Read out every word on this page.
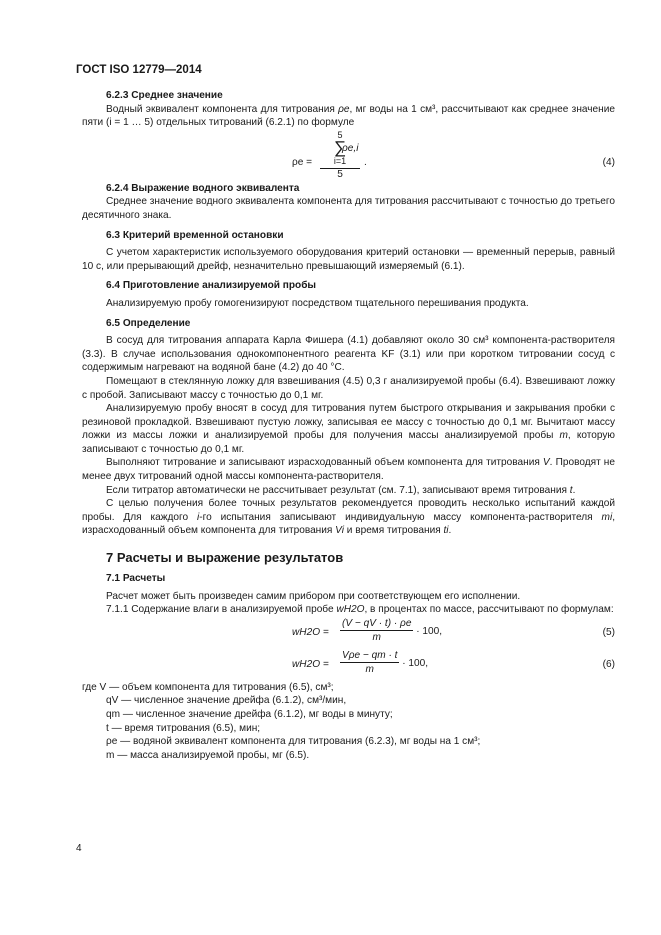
ГОСТ ISO 12779—2014
6.2.3 Среднее значение

Водный эквивалент компонента для титрования ρe, мг воды на 1 см³, рассчитывают как среднее значение пяти (i = 1 … 5) отдельных титрований (6.2.1) по формуле

ρe =
5
∑
i=1
5
ρe,i
.	(4)
6.2.4 Выражение водного эквивалента

Среднее значение водного эквивалента компонента для титрования рассчитывают с точностью до третьего десятичного знака.

6.3 Критерий временной остановки

С учетом характеристик используемого оборудования критерий остановки — временный перерыв, равный 10 с, или прерывающий дрейф, незначительно превышающий измеряемый (6.1).

6.4 Приготовление анализируемой пробы

Анализируемую пробу гомогенизируют посредством тщательного перешивания продукта.

6.5 Определение

В сосуд для титрования аппарата Карла Фишера (4.1) добавляют около 30 см³ компонента-растворителя (3.3). В случае использования однокомпонентного реагента KF (3.1) или при коротком титровании сосуд с содержимым нагревают на водяной бане (4.2) до 40 °С.

Помещают в стеклянную ложку для взвешивания (4.5) 0,3 г анализируемой пробы (6.4). Взвешивают ложку с пробой. Записывают массу с точностью до 0,1 мг.

Анализируемую пробу вносят в сосуд для титрования путем быстрого открывания и закрывания пробки с резиновой прокладкой. Взвешивают пустую ложку, записывая ее массу с точностью до 0,1 мг. Вычитают массу ложки из массы ложки и анализируемой пробы для получения массы анализируемой пробы m, которую записывают с точностью до 0,1 мг.

Выполняют титрование и записывают израсходованный объем компонента для титрования V. Проводят не менее двух титрований одной массы компонента-растворителя.

Если титратор автоматически не рассчитывает результат (см. 7.1), записывают время титрования t.

С целью получения более точных результатов рекомендуется проводить несколько испытаний каждой пробы. Для каждого i-го испытания записывают индивидуальную массу компонента-растворителя mi, израсходованный объем компонента для титрования Vi и время титрования ti.

7 Расчеты и выражение результатов
7.1 Расчеты

Расчет может быть произведен самим прибором при соответствующем его исполнении.

7.1.1 Содержание влаги в анализируемой пробе wH2O, в процентах по массе, рассчитывают по формулам:

$wH2O = \frac{(V - qV \cdot t) \cdot \rho e}{m} \cdot 100$,	(5)
$wH2O = \frac{\text{Vρe − qm · t}}{m} \cdot 100$,	(6)
где V — объем компонента для титрования (6.5), см³;
qV — численное значение дрейфа (6.1.2), см³/мин,
qm — численное значение дрейфа (6.1.2), мг воды в минуту;
t — время титрования (6.5), мин;
ρe — водяной эквивалент компонента для титрования (6.2.3), мг воды на 1 см³;
m — масса анализируемой пробы, мг (6.5).
4
